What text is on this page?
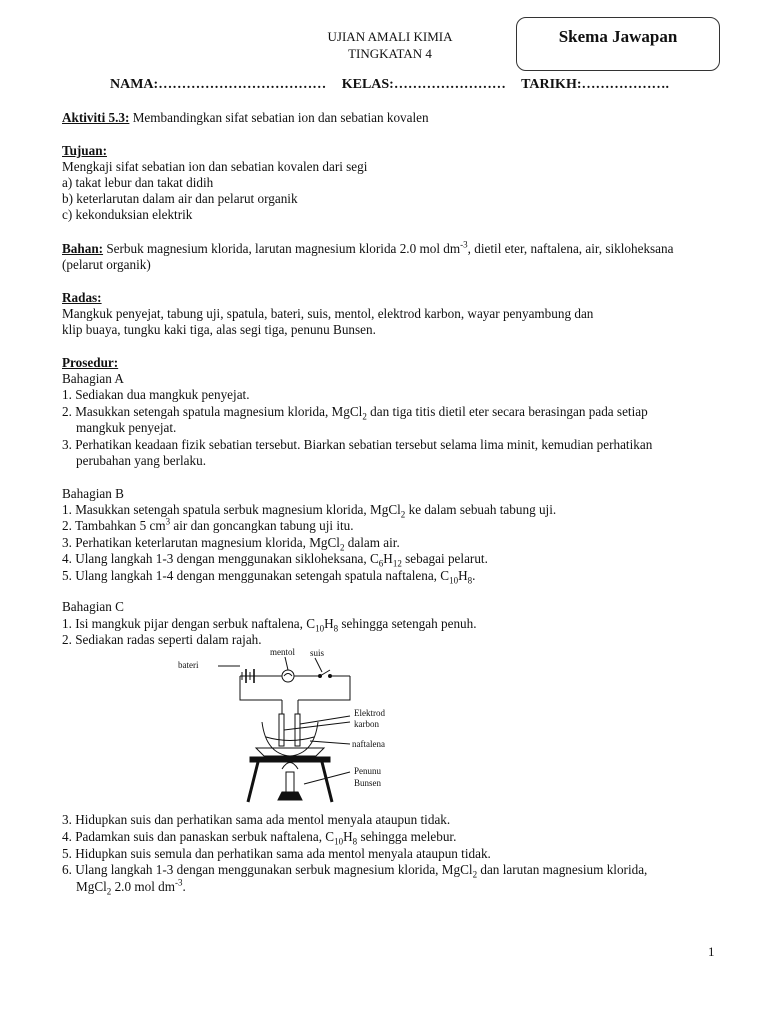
UJIAN AMALI KIMIA
TINGKATAN 4
Skema Jawapan
NAMA:……………………………… KELAS:…………………… TARIKH:……………….
Aktiviti 5.3: Membandingkan sifat sebatian ion dan sebatian kovalen
Tujuan:
Mengkaji sifat sebatian ion dan sebatian kovalen dari segi
a) takat lebur dan takat didih
b) keterlarutan dalam air dan pelarut organik
c) kekonduksian elektrik
Bahan: Serbuk magnesium klorida, larutan magnesium klorida 2.0 mol $dm^{-3}$, dietil eter, naftalena, air, sikloheksana
(pelarut organik)
Radas:
Mangkuk penyejat, tabung uji, spatula, bateri, suis, mentol, elektrod karbon, wayar penyambung dan
klip buaya, tungku kaki tiga, alas segi tiga, penunu Bunsen.
Prosedur:
Bahagian A
1. Sediakan dua mangkuk penyejat.
2. Masukkan setengah spatula magnesium klorida, MgCl$_2$ dan tiga titis dietil eter secara berasingan pada setiap
mangkuk penyejat.
3. Perhatikan keadaan fizik sebatian tersebut. Biarkan sebatian tersebut selama lima minit, kemudian perhatikan
perubahan yang berlaku.
Bahagian B
1. Masukkan setengah spatula serbuk magnesium klorida, MgCl$_2$ ke dalam sebuah tabung uji.
2. Tambahkan 5 $cm^3$ air dan goncangkan tabung uji itu.
3. Perhatikan keterlarutan magnesium klorida, MgCl$_2$ dalam air.
4. Ulang langkah 1-3 dengan menggunakan sikloheksana, $C_6H_{12}$ sebagai pelarut.
5. Ulang langkah 1-4 dengan menggunakan setengah spatula naftalena, $C_{10}H_8$.
Bahagian C
1. Isi mangkuk pijar dengan serbuk naftalena, $C_{10}H_8$ sehingga setengah penuh.
2. Sediakan radas seperti dalam rajah.
bateri
mentol suis
Elektrod
karbon
naftalena
Penunu
Bunsen
3. Hidupkan suis dan perhatikan sama ada mentol menyala ataupun tidak.
4. Padamkan suis dan panaskan serbuk naftalena, $C_{10}H_8$ sehingga melebur.
5. Hidupkan suis semula dan perhatikan sama ada mentol menyala ataupun tidak.
6. Ulang langkah 1-3 dengan menggunakan serbuk magnesium klorida, MgCl$_2$ dan larutan magnesium klorida,
MgCl$_2$ 2.0 mol $dm^{-3}$.
1
